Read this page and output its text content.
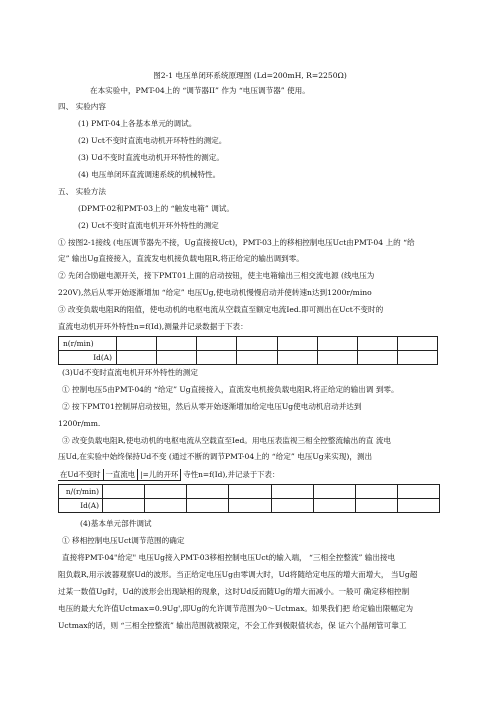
图2-1 电压单闭环系统原理图 (Ld=200mH, R=2250Ω)
在本实验中，PMT-04上的 “调节器II” 作为 “电压调节器” 使用。
四、 实验内容
(1) PMT-04上各基本单元的调试。
(2) Uct不变时直流电动机开环特性的测定。
(3) Ud不变时直流电动机开环特性的测定。
(4) 电压单闭环直流调速系统的机械特性。
五、 实验方法
(DPMT-02和PMT-03上的 “触发电箱” 调试。
(2) Uct不变时直流电机开环外特性的测定
① 按图2-1接线 (电压调节器先不接，Ug直接接Uct)，PMT-03上的移相控制电压Uct由PMT-04 上的 “给
定” 输出Ug直接接入，直流发电机接负载电阻R,将正给定的输出调到零。
② 先闭合励磁电源开关，接下PMT01上面的启动按钮，使主电箱输出三相交流电源 (线电压为
220V),然后从零开始逐渐增加 “给定” 电压Ug,使电动机慢慢启动并使转速n达到1200r/mino
③ 改变负载电阻R的阻值，使电动机的电枢电流从空载直至额定电流Ied.即可测出在Uct不变时的
直流电动机开环外特性n=f(Id),测量并记录数据于下表：
n(r/min)								
Id(A)								
(3)Ud不变时直流电机开环外特性的测定
① 控制电压5由PMT-04的 “给定” Ug直接接入，直流发电机接负载电阻R,将正给定的输出调 到零。
② 按下PMT01控制屏启动按钮，然后从零开始逐渐增加给定电压Ug使电动机启动并达到
1200r/mm.
③ 改变负载电阻R,使电动机的电枢电流从空载直至Ied。用电压表监视三相全控整流输出的直 流电
压Ud,在实验中始终保持Ud不变 (通过不断的调节PMT-04上的 “给定” 电压Ug来实现)，测出
在Ud不变时	一直流电	|=儿的开环	寺性n=f(Id),并记录于下表：
n/(r/min)								
Id(A)								
(4)基本单元部件调试
① 移相控制电压Uct调节范围的确定
直接将PMT-04"给定" 电压Ug接入PMT-03移相控制电压Uct的输入端， “三相全控整流” 输出接电
阻负载R,用示波器观察Ud的波形。当正给定电压Ug由零调大时，Ud将随给定电压的增大而增大， 当Ug超
过某一数值Ug时，Ud的波形会出现缺相的现象，这时Ud反而随Ug的增大而减小。一般可 确定移相控制
电压的最大允许值Uctmax=0.9Ug',即Ug的允许调节范围为0～Uctmax。如果我们把 给定输出限幅定为
Uctmax的话，则 “三相全控整流” 输出范围就被限定，不会工作到极限值状态，保 证六个晶闸管可靠工
